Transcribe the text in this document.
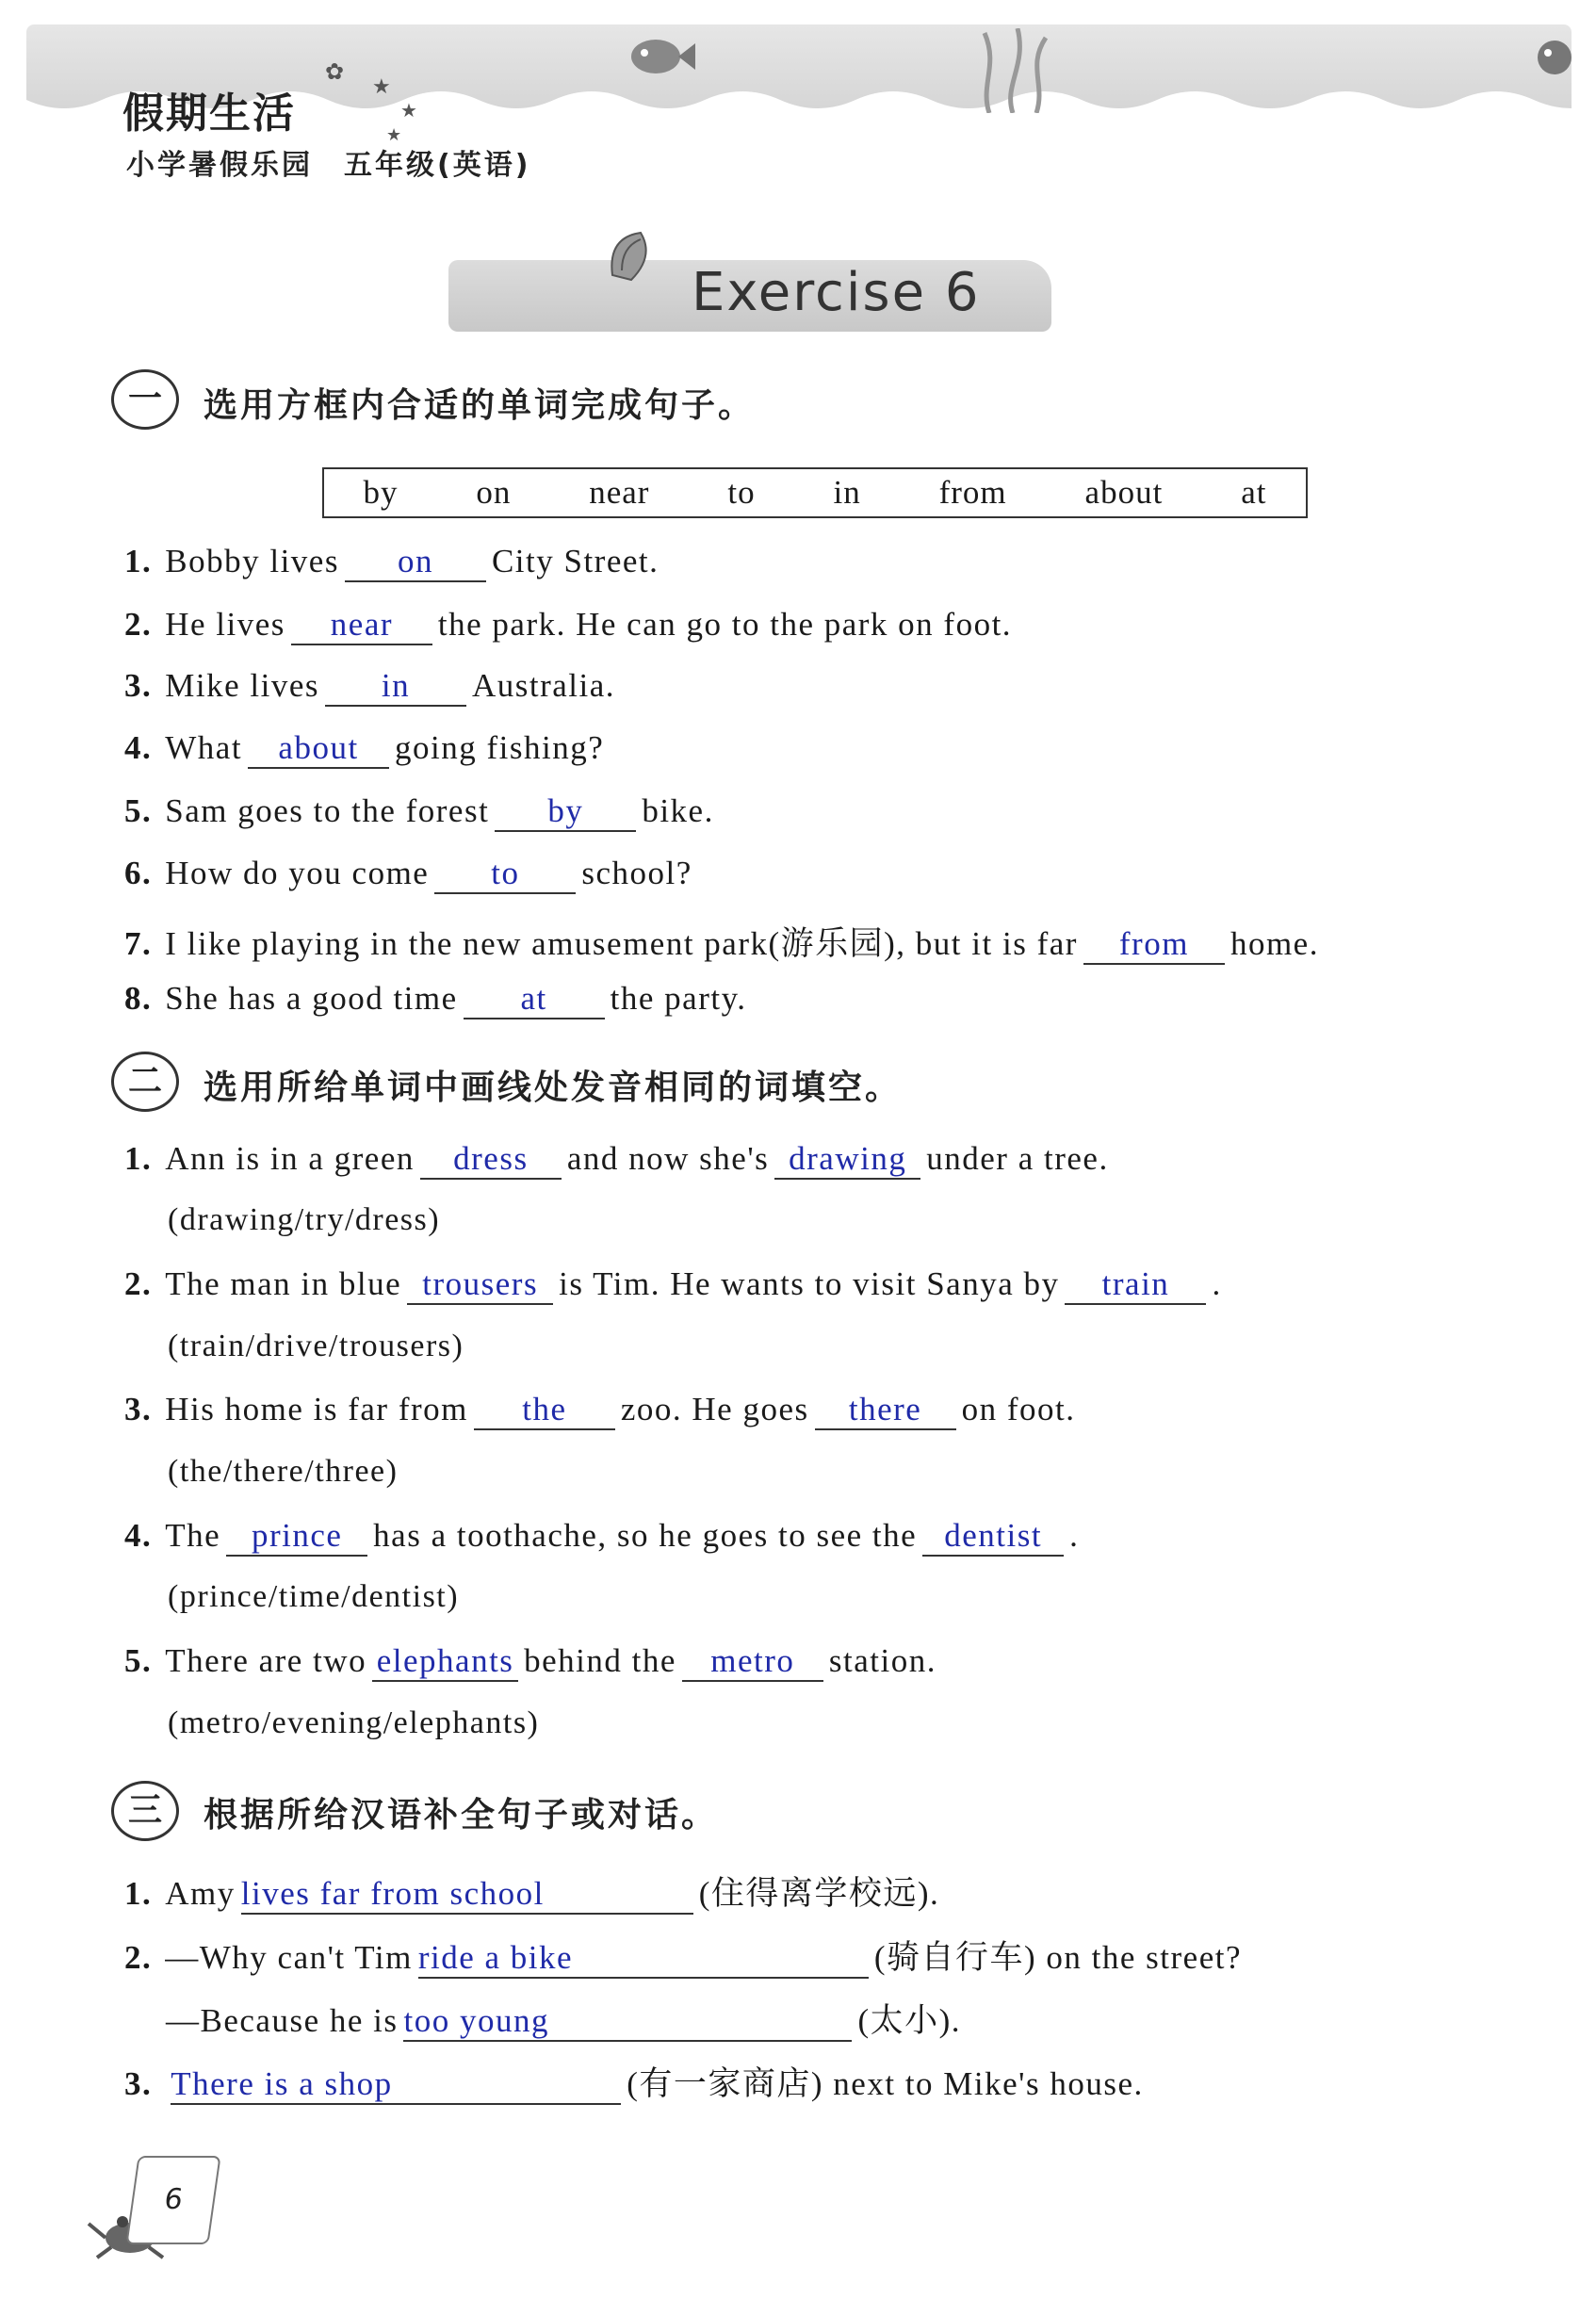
✿
★
★
★
假期生活
小学暑假乐园　五年级(英语)
Exercise 6
一	选用方框内合适的单词完成句子。
by on near to in from about at
1. Bobby lives on City Street.
2. He lives near the park. He can go to the park on foot.
3. Mike lives in Australia.
4. What about going fishing?
5. Sam goes to the forest by bike.
6. How do you come to school?
7. I like playing in the new amusement park(游乐园), but it is far from home.
8. She has a good time at the party.
二	选用所给单词中画线处发音相同的词填空。
1. Ann is in a green dress and now she's drawing under a tree.
(drawing/try/dress)
2. The man in blue trousers is Tim. He wants to visit Sanya by train .
(train/drive/trousers)
3. His home is far from the zoo. He goes there on foot.
(the/there/three)
4. The prince has a toothache, so he goes to see the dentist .
(prince/time/dentist)
5. There are two elephants behind the metro station.
(metro/evening/elephants)
三	根据所给汉语补全句子或对话。
1. Amy lives far from school	(住得离学校远).
2. —Why can't Tim ride a bike	(骑自行车) on the street?
—Because he is too young	(太小).
3. There is a shop	(有一家商店) next to Mike's house.
6
